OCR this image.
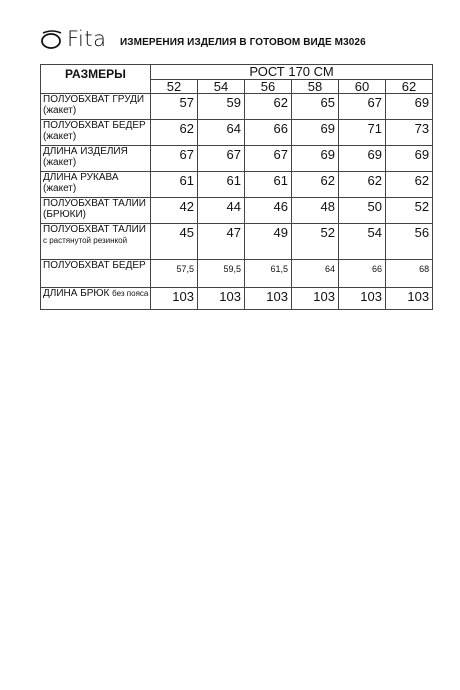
Fita ИЗМЕРЕНИЯ ИЗДЕЛИЯ В ГОТОВОМ ВИДЕ М3026
РАЗМЕРЫ	РОСТ 170 СМ					
	52	54	56	58	60	62
ПОЛУОБХВАТ ГРУДИ (жакет)	57	59	62	65	67	69
ПОЛУОБХВАТ БЕДЕР (жакет)	62	64	66	69	71	73
ДЛИНА ИЗДЕЛИЯ (жакет)	67	67	67	69	69	69
ДЛИНА РУКАВА (жакет)	61	61	61	62	62	62
ПОЛУОБХВАТ ТАЛИИ (БРЮКИ)	42	44	46	48	50	52
ПОЛУОБХВАТ ТАЛИИ с растянутой резинкой	45	47	49	52	54	56
ПОЛУОБХВАТ БЕДЕР	57,5	59,5	61,5	64	66	68
ДЛИНА БРЮК без пояса	103	103	103	103	103	103
